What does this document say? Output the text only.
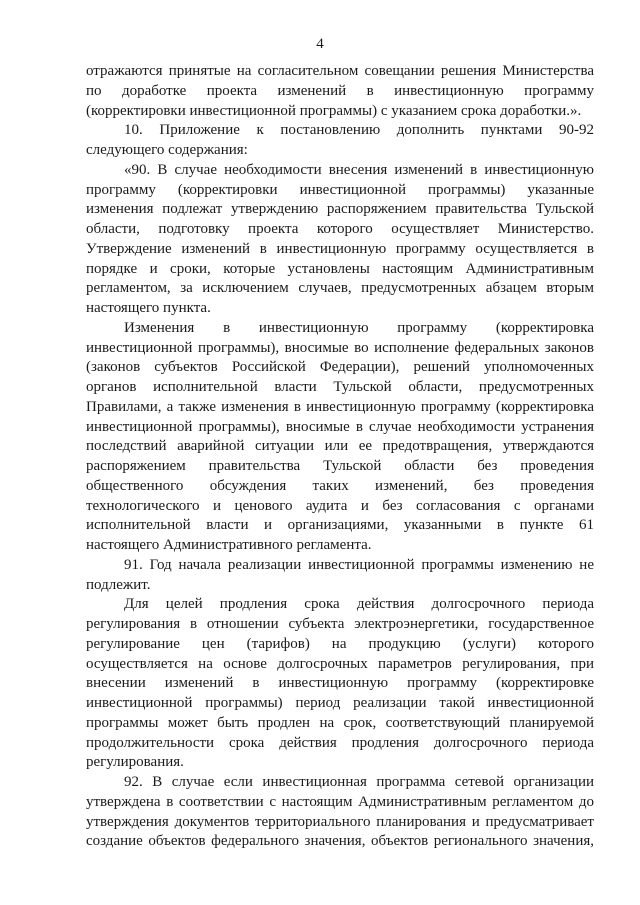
4
отражаются принятые на согласительном совещании решения Министерства
по доработке проекта изменений в инвестиционную программу
(корректировки инвестиционной программы) с указанием срока доработки.».
10. Приложение к постановлению дополнить пунктами 90-92
следующего содержания:
«90. В случае необходимости внесения изменений в инвестиционную
программу (корректировки инвестиционной программы) указанные
изменения подлежат утверждению распоряжением правительства Тульской
области, подготовку проекта которого осуществляет Министерство.
Утверждение изменений в инвестиционную программу осуществляется в
порядке и сроки, которые установлены настоящим Административным
регламентом, за исключением случаев, предусмотренных абзацем вторым
настоящего пункта.
Изменения в инвестиционную программу (корректировка
инвестиционной программы), вносимые во исполнение федеральных законов
(законов субъектов Российской Федерации), решений уполномоченных
органов исполнительной власти Тульской области, предусмотренных
Правилами, а также изменения в инвестиционную программу (корректировка
инвестиционной программы), вносимые в случае необходимости устранения
последствий аварийной ситуации или ее предотвращения, утверждаются
распоряжением правительства Тульской области без проведения
общественного обсуждения таких изменений, без проведения
технологического и ценового аудита и без согласования с органами
исполнительной власти и организациями, указанными в пункте 61
настоящего Административного регламента.
91. Год начала реализации инвестиционной программы изменению не
подлежит.
Для целей продления срока действия долгосрочного периода
регулирования в отношении субъекта электроэнергетики, государственное
регулирование цен (тарифов) на продукцию (услуги) которого
осуществляется на основе долгосрочных параметров регулирования, при
внесении изменений в инвестиционную программу (корректировке
инвестиционной программы) период реализации такой инвестиционной
программы может быть продлен на срок, соответствующий планируемой
продолжительности срока действия продления долгосрочного периода
регулирования.
92. В случае если инвестиционная программа сетевой организации
утверждена в соответствии с настоящим Административным регламентом до
утверждения документов территориального планирования и предусматривает
создание объектов федерального значения, объектов регионального значения,
